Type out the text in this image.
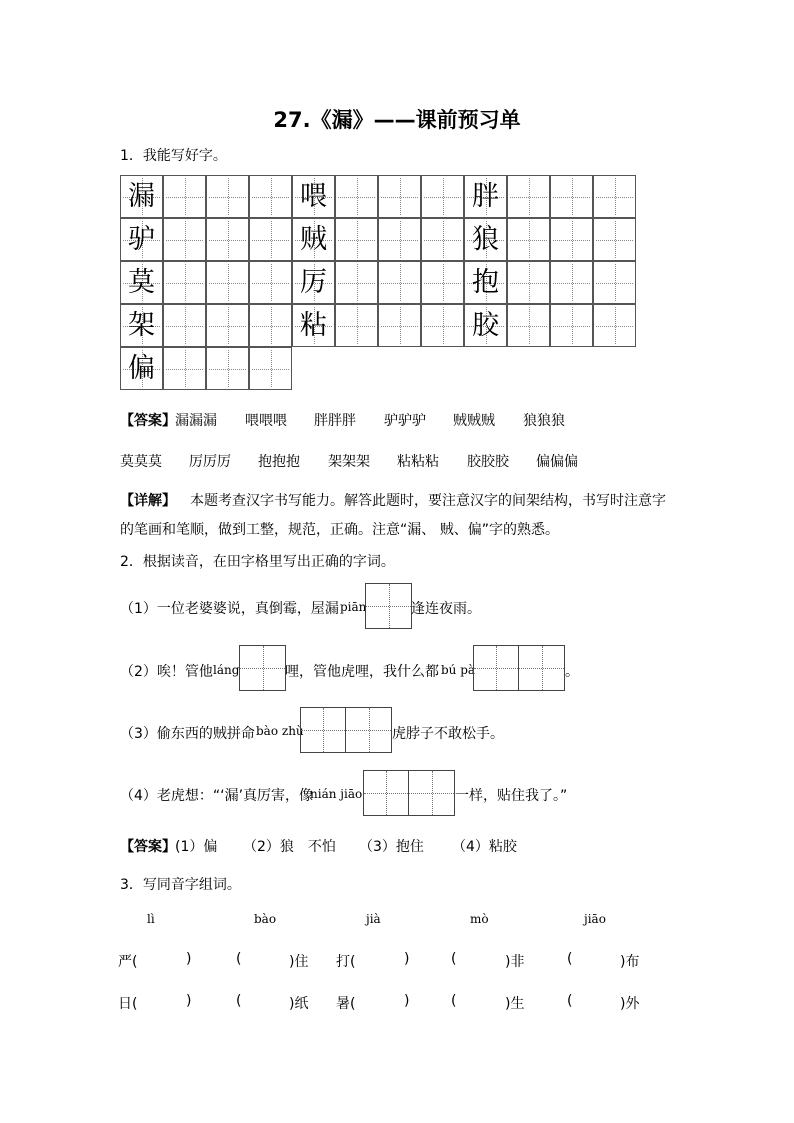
27.《漏》——课前预习单
1．我能写好字。
漏	喂	胖
驴	贼	狼
莫	厉	抱
架	粘	胶
偏
【答案】 漏漏漏 喂喂喂 胖胖胖 驴驴驴 贼贼贼 狼狼狼
莫莫莫 厉厉厉 抱抱抱 架架架 粘粘粘 胶胶胶 偏偏偏
【详解】 本题考查汉字书写能力。解答此题时，要注意汉字的间架结构，书写时注意字
的笔画和笔顺，做到工整，规范，正确。注意“漏、 贼、偏”字的熟悉。
2．根据读音，在田字格里写出正确的字词。
（1）一位老婆婆说，真倒霉，屋漏 piān	逢连夜雨。
（2）唉！管他 láng	哩，管他虎哩，我什么都 bú pà	。
（3）偷东西的贼拼命 bào zhù	虎脖子不敢松手。
（4）老虎想：“‘漏’真厉害，像
nián jiāo	一样，贴住我了。”
【答案】 (1）偏 （2）狼　不怕 （3）抱住 （4）粘胶
3．写同音字组词。
lì	bào	jià	mò	jiāo
严(	)	(	)住 打(	)	(	)非	(	)布
日(	)	(	)纸 暑(	)	(	)生	(	)外
